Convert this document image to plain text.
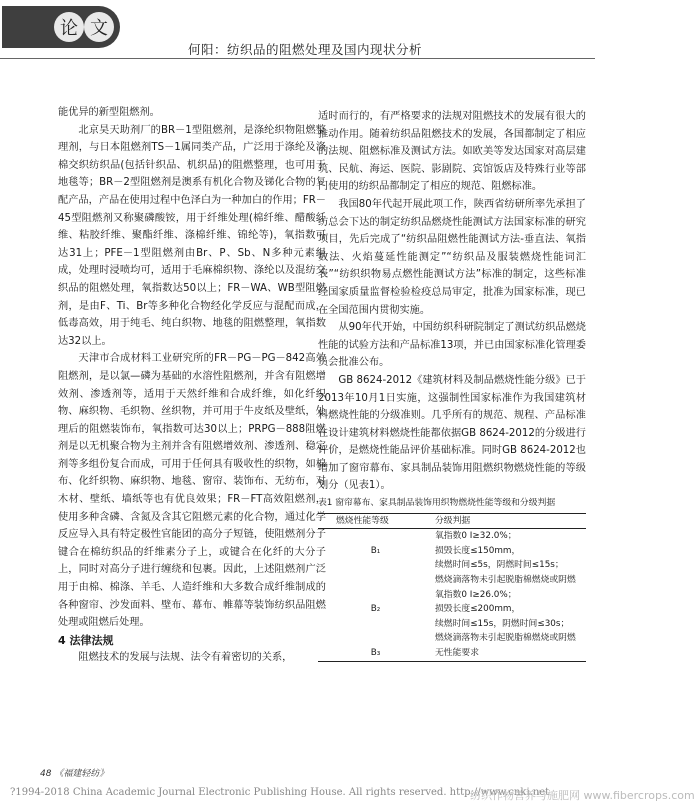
论 文
何阳：纺织品的阻燃处理及国内现状分析

能优异的新型阻燃剂。

北京昊天助剂厂的BR－1型阻燃剂，是涤纶织物阻燃整理剂，与日本阻燃剂TS－1属同类产品，广泛用于涤纶及涤棉交织纺织品(包括针织品、机织品)的阻燃整理，也可用于地毯等；BR－2型阻燃剂是澳系有机化合物及锑化合物的复配产品，产品在使用过程中色泽白为一种加白的作用；FR－45型阻燃剂又称聚磷酸铵，用于纤维处理(棉纤维、醋酸纤维、粘胶纤维、聚酯纤维、涤棉纤维、锦纶等)，氧指数可达31上；PFE－1型阻燃剂由Br、P、Sb、N多种元素组成，处理时浸喷均可，适用于毛麻棉织物、涤纶以及混纺交织品的阻燃处理，氧指数达50以上；FR－WA、WB型阻燃剂，是由F、Ti、Br等多种化合物经化学反应与混配而成，低毒高效，用于纯毛、纯白织物、地毯的阻燃整理，氧指数达32以上。

天津市合成材料工业研究所的FR－PG－PG－842高效阻燃剂，是以氯—磷为基础的水溶性阻燃剂，并含有阻燃增效剂、渗透剂等，适用于天然纤维和合成纤维，如化纤织物、麻织物、毛织物、丝织物，并可用于牛皮纸及壁纸，处理后的阻燃装饰布，氧指数可达30以上；PRPG－888阻燃剂是以无机聚合物为主剂并含有阻燃增效剂、渗透剂、稳定剂等多组份复合而成，可用于任何具有吸收性的织物，如棉布、化纤织物、麻织物、地毯、窗帘、装饰布、无纺布，对木材、壁纸、墙纸等也有优良效果；FR－FT高效阻燃剂，使用多种含磷、含氮及含其它阻燃元素的化合物，通过化学反应导入具有特定极性官能团的高分子短链，使阻燃剂分子键合在棉纺织品的纤维素分子上，或键合在化纤的大分子上，同时对高分子进行缠绕和包裹。因此，上述阻燃剂广泛用于由棉、棉涤、羊毛、人造纤维和大多数合成纤维制成的各种窗帘、沙发面料、壁布、幕布、帷幕等装饰纺织品阻燃处理或阻燃后处理。

4 法律法规

阻燃技术的发展与法规、法令有着密切的关系，

适时而行的，有严格要求的法规对阻燃技术的发展有很大的推动作用。随着纺织品阻燃技术的发展，各国都制定了相应的法规、阻燃标准及测试方法。如欧美等发达国家对高层建筑、民航、海运、医院、影剧院、宾馆饭店及特殊行业等部门使用的纺织品都制定了相应的规范、阻燃标准。

我国80年代起开展此项工作，陕西省纺研所率先承担了纺总会下达的制定纺织品燃烧性能测试方法国家标准的研究项目，先后完成了“纺织品阻燃性能测试方法-垂直法、氧指数法、火焰蔓延性能测定”“纺织品及服装燃烧性能词汇表”“纺织织物易点燃性能测试方法”标准的制定，这些标准经国家质量监督检验检疫总局审定，批准为国家标准，现已在全国范围内贯彻实施。

从90年代开始，中国纺织科研院制定了测试纺织品燃烧性能的试验方法和产品标准13项，并已由国家标准化管理委员会批准公布。

GB 8624-2012《建筑材料及制品燃烧性能分级》已于2013年10月1日实施，这强制性国家标准作为我国建筑材料燃烧性能的分级准则。几乎所有的规范、规程、产品标准在设计建筑材料燃烧性能都依据GB 8624-2012的分级进行评价，是燃烧性能品评价基础标准。同时GB 8624-2012也增加了窗帘幕布、家具制品装饰用阻燃织物燃烧性能的等级划分（见表1）。

表1 窗帘幕布、家具制品装饰用织物燃烧性能等级和分级判据

燃烧性能等级	分级判据
	氧指数0 I≥32.0%；
B₁	损毁长度≤150mm，
	续燃时间≤5s，阴燃时间≤15s；
	燃烧滴落物未引起脱脂棉燃烧或阴燃
	氧指数0 I≥26.0%；
B₂	损毁长度≤200mm，
	续燃时间≤15s，阴燃时间≤30s；
	燃烧滴落物未引起脱脂棉燃烧或阴燃
B₃	无性能要求
48 《福建轻纺》
?1994-2018 China Academic Journal Electronic Publishing House. All rights reserved. http://www.cnki.net
纺织作物营养与施肥网 www.fibercrops.com
